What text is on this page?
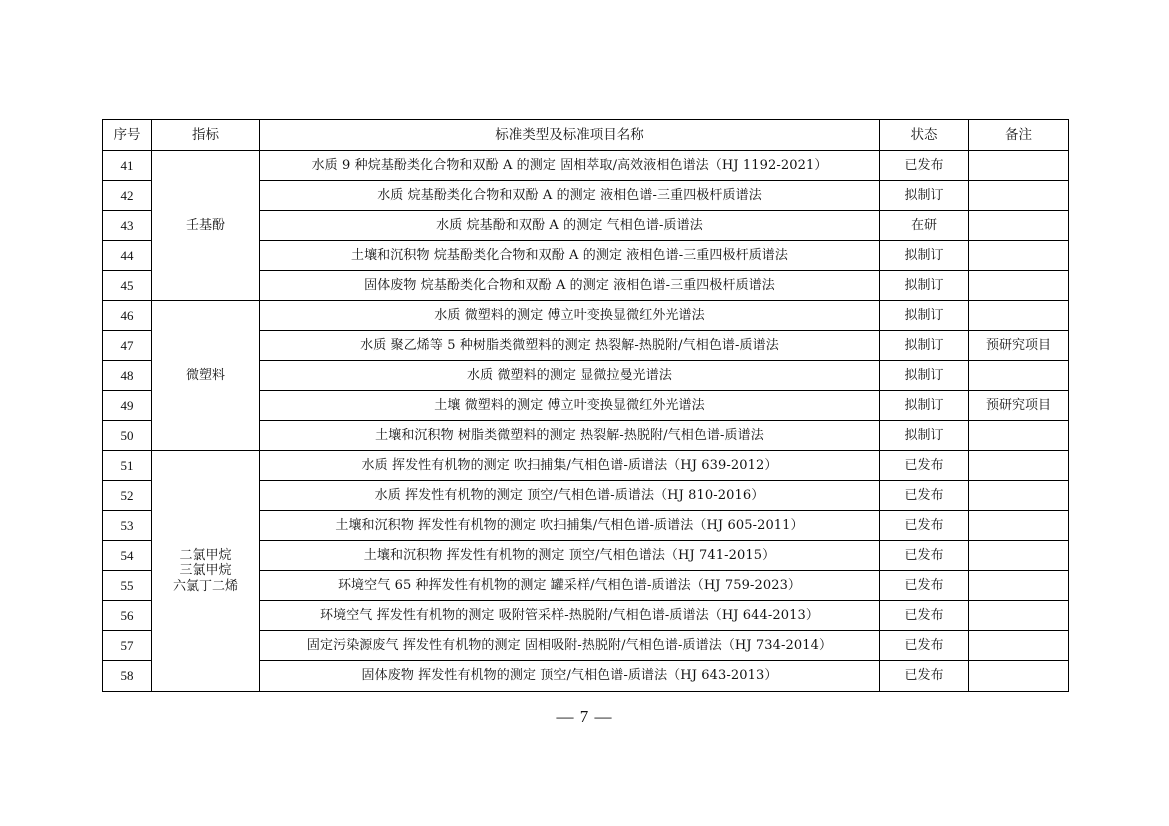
序号	指标	标准类型及标准项目名称	状态	备注
41	壬基酚	水质 9 种烷基酚类化合物和双酚 A 的测定 固相萃取/高效液相色谱法（HJ 1192-2021）	已发布	
42		水质 烷基酚类化合物和双酚 A 的测定 液相色谱-三重四极杆质谱法	拟制订	
43		水质 烷基酚和双酚 A 的测定 气相色谱-质谱法	在研	
44		土壤和沉积物 烷基酚类化合物和双酚 A 的测定 液相色谱-三重四极杆质谱法	拟制订	
45		固体废物 烷基酚类化合物和双酚 A 的测定 液相色谱-三重四极杆质谱法	拟制订	
46	微塑料	水质 微塑料的测定 傅立叶变换显微红外光谱法	拟制订	
47		水质 聚乙烯等 5 种树脂类微塑料的测定 热裂解-热脱附/气相色谱-质谱法	拟制订	预研究项目
48		水质 微塑料的测定 显微拉曼光谱法	拟制订	
49		土壤 微塑料的测定 傅立叶变换显微红外光谱法	拟制订	预研究项目
50		土壤和沉积物 树脂类微塑料的测定 热裂解-热脱附/气相色谱-质谱法	拟制订	
51	二氯甲烷
三氯甲烷
六氯丁二烯	水质 挥发性有机物的测定 吹扫捕集/气相色谱-质谱法（HJ 639-2012）	已发布	
52		水质 挥发性有机物的测定 顶空/气相色谱-质谱法（HJ 810-2016）	已发布	
53		土壤和沉积物 挥发性有机物的测定 吹扫捕集/气相色谱-质谱法（HJ 605-2011）	已发布	
54		土壤和沉积物 挥发性有机物的测定 顶空/气相色谱法（HJ 741-2015）	已发布	
55		环境空气 65 种挥发性有机物的测定 罐采样/气相色谱-质谱法（HJ 759-2023）	已发布	
56		环境空气 挥发性有机物的测定 吸附管采样-热脱附/气相色谱-质谱法（HJ 644-2013）	已发布	
57		固定污染源废气 挥发性有机物的测定 固相吸附-热脱附/气相色谱-质谱法（HJ 734-2014）	已发布	
58		固体废物 挥发性有机物的测定 顶空/气相色谱-质谱法（HJ 643-2013）	已发布	
— 7 —
